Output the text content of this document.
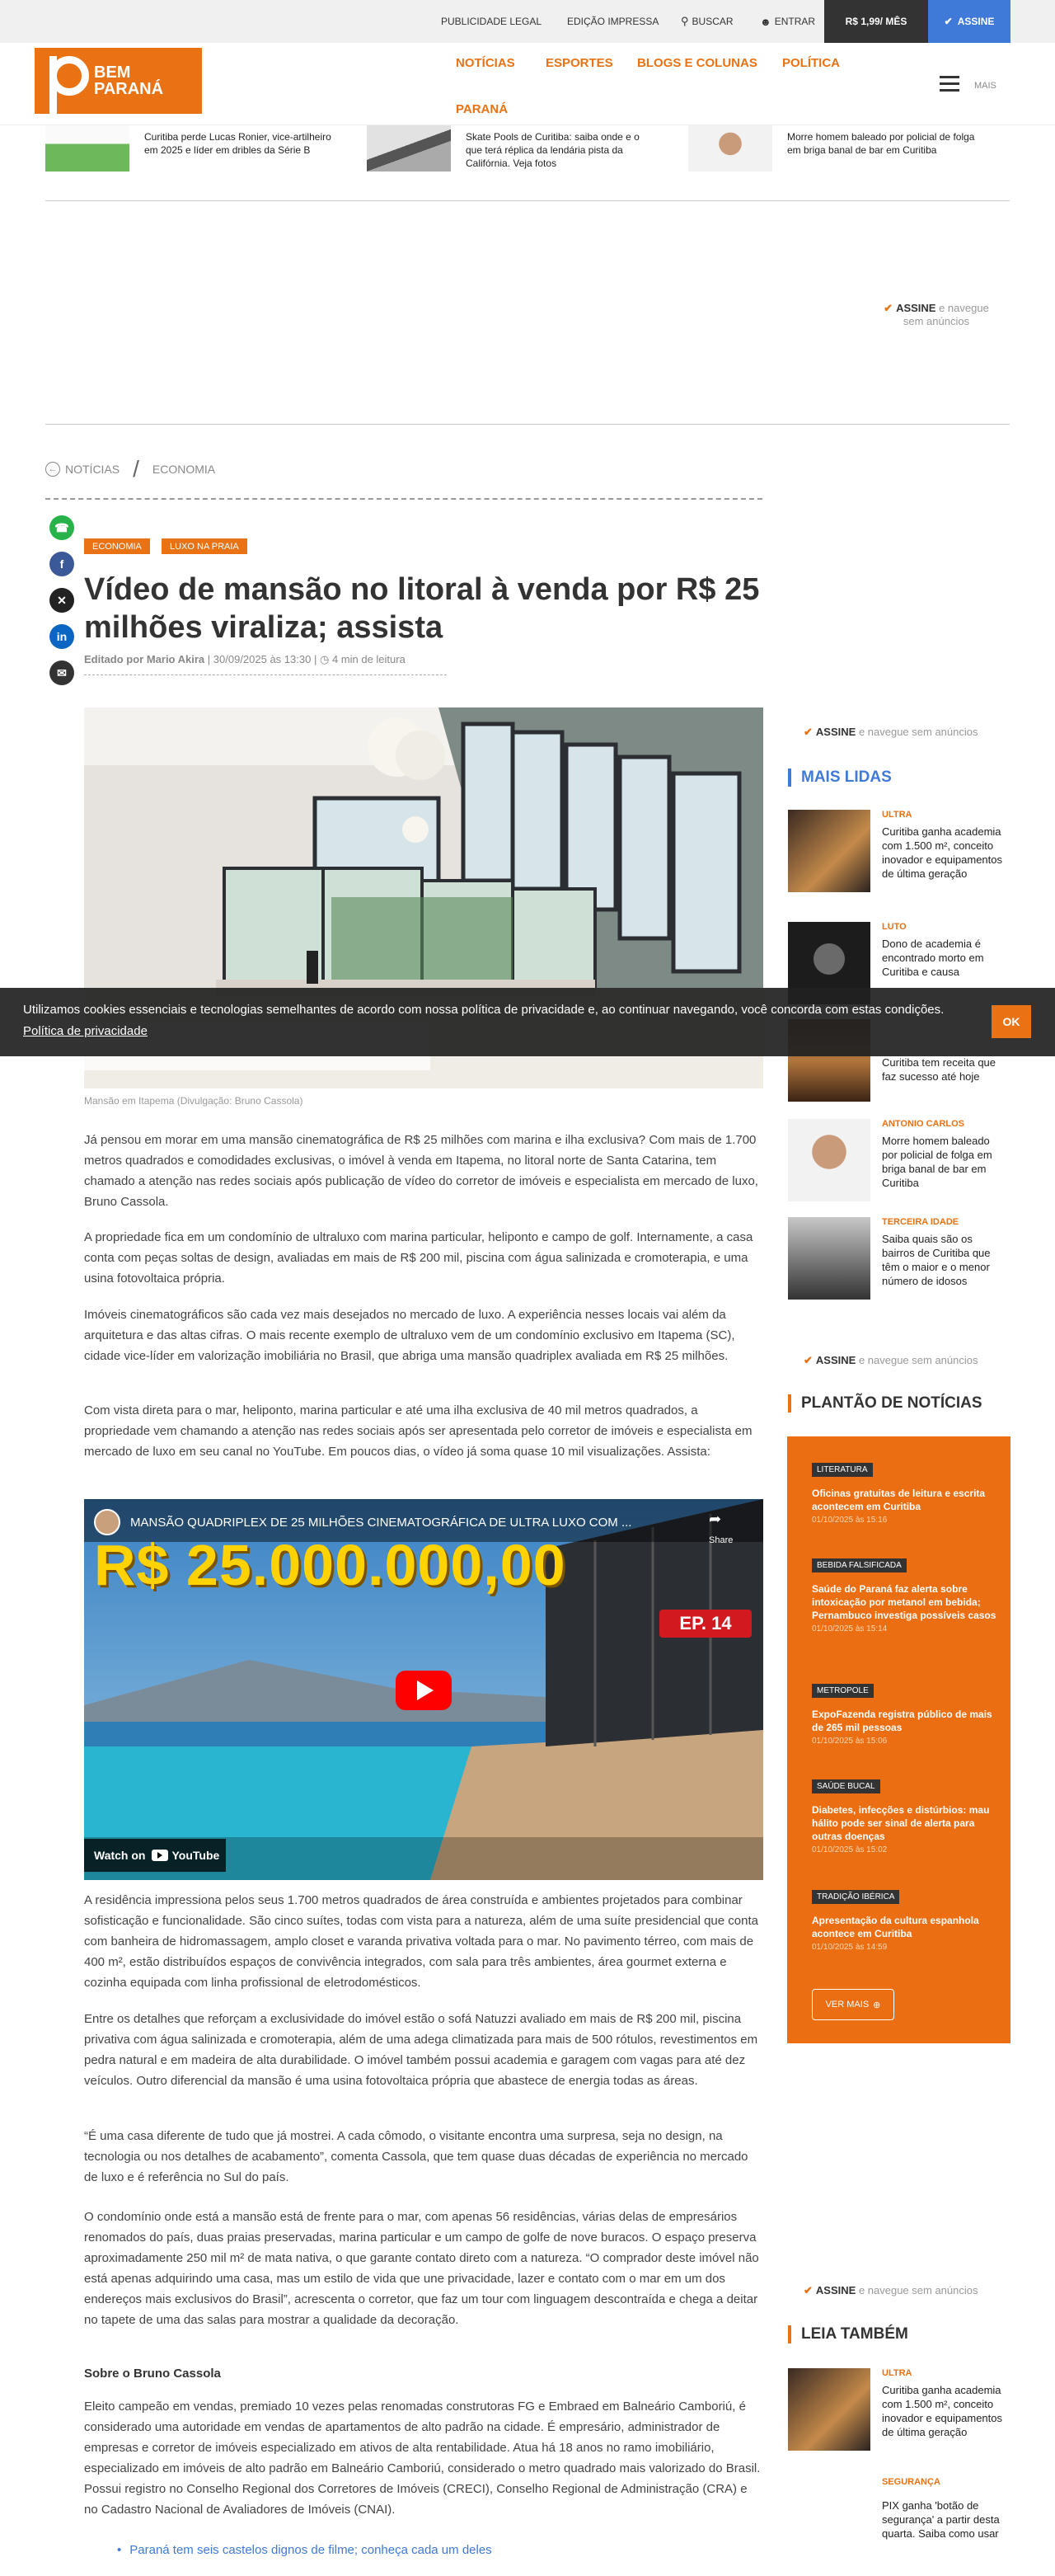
PUBLICIDADE LEGAL	EDIÇÃO IMPRESSA ⚲ BUSCAR ☻ ENTRAR	R$ 1,99/ MÊS	✔ ASSINE
BEM
PARANÁ
NOTÍCIAS ESPORTES BLOGS E COLUNAS POLÍTICA
PARANÁ
MAIS
Curitiba perde Lucas Ronier, vice-artilheiro em 2025 e líder em dribles da Série B
Skate Pools de Curitiba: saiba onde e o que terá réplica da lendária pista da Califórnia. Veja fotos
Morre homem baleado por policial de folga em briga banal de bar em Curitiba
✔ ASSINE e navegue
sem anúncios
← NOTÍCIAS / ECONOMIA
☎
f
✕
in
✉
ECONOMIA	LUXO NA PRAIA
Vídeo de mansão no litoral à venda por R$ 25 milhões viraliza; assista
Editado por Mario Akira | 30/09/2025 às 13:30 | ◷ 4 min de leitura
Mansão em Itapema (Divulgação: Bruno Cassola)

Já pensou em morar em uma mansão cinematográfica de R$ 25 milhões com marina e ilha exclusiva? Com mais de 1.700 metros quadrados e comodidades exclusivas, o imóvel à venda em Itapema, no litoral norte de Santa Catarina, tem chamado a atenção nas redes sociais após publicação de vídeo do corretor de imóveis e especialista em mercado de luxo, Bruno Cassola.

A propriedade fica em um condomínio de ultraluxo com marina particular, heliponto e campo de golf. Internamente, a casa conta com peças soltas de design, avaliadas em mais de R$ 200 mil, piscina com água salinizada e cromoterapia, e uma usina fotovoltaica própria.

Imóveis cinematográficos são cada vez mais desejados no mercado de luxo. A experiência nesses locais vai além da arquitetura e das altas cifras. O mais recente exemplo de ultraluxo vem de um condomínio exclusivo em Itapema (SC), cidade vice-líder em valorização imobiliária no Brasil, que abriga uma mansão quadriplex avaliada em R$ 25 milhões.

Com vista direta para o mar, heliponto, marina particular e até uma ilha exclusiva de 40 mil metros quadrados, a propriedade vem chamando a atenção nas redes sociais após ser apresentada pelo corretor de imóveis e especialista em mercado de luxo em seu canal no YouTube. Em poucos dias, o vídeo já soma quase 10 mil visualizações. Assista:

MANSÃO QUADRIPLEX DE 25 MILHÕES CINEMATOGRÁFICA DE ULTRA LUXO COM ...	➦
Share
R$ 25.000.000,00
EP. 14
Watch on YouTube

A residência impressiona pelos seus 1.700 metros quadrados de área construída e ambientes projetados para combinar sofisticação e funcionalidade. São cinco suítes, todas com vista para a natureza, além de uma suíte presidencial que conta com banheira de hidromassagem, amplo closet e varanda privativa voltada para o mar. No pavimento térreo, com mais de 400 m², estão distribuídos espaços de convivência integrados, com sala para três ambientes, área gourmet externa e cozinha equipada com linha profissional de eletrodomésticos.

Entre os detalhes que reforçam a exclusividade do imóvel estão o sofá Natuzzi avaliado em mais de R$ 200 mil, piscina privativa com água salinizada e cromoterapia, além de uma adega climatizada para mais de 500 rótulos, revestimentos em pedra natural e em madeira de alta durabilidade. O imóvel também possui academia e garagem com vagas para até dez veículos. Outro diferencial da mansão é uma usina fotovoltaica própria que abastece de energia todas as áreas.

“É uma casa diferente de tudo que já mostrei. A cada cômodo, o visitante encontra uma surpresa, seja no design, na tecnologia ou nos detalhes de acabamento”, comenta Cassola, que tem quase duas décadas de experiência no mercado de luxo e é referência no Sul do país.

O condomínio onde está a mansão está de frente para o mar, com apenas 56 residências, várias delas de empresários renomados do país, duas praias preservadas, marina particular e um campo de golfe de nove buracos. O espaço preserva aproximadamente 250 mil m² de mata nativa, o que garante contato direto com a natureza. “O comprador deste imóvel não está apenas adquirindo uma casa, mas um estilo de vida que une privacidade, lazer e contato com o mar em um dos endereços mais exclusivos do Brasil”, acrescenta o corretor, que faz um tour com linguagem descontraída e chega a deitar no tapete de uma das salas para mostrar a qualidade da decoração.

Sobre o Bruno Cassola

Eleito campeão em vendas, premiado 10 vezes pelas renomadas construtoras FG e Embraed em Balneário Camboriú, é considerado uma autoridade em vendas de apartamentos de alto padrão na cidade. É empresário, administrador de empresas e corretor de imóveis especializado em ativos de alta rentabilidade. Atua há 18 anos no ramo imobiliário, especializado em imóveis de alto padrão em Balneário Camboriú, considerado o metro quadrado mais valorizado do Brasil. Possui registro no Conselho Regional dos Corretores de Imóveis (CRECI), Conselho Regional de Administração (CRA) e no Cadastro Nacional de Avaliadores de Imóveis (CNAI).

• Paraná tem seis castelos dignos de filme; conheça cada um deles
✔ ASSINE e navegue sem anúncios
MAIS LIDAS
ULTRA
Curitiba ganha academia com 1.500 m², conceito inovador e equipamentos de última geração
LUTO
Dono de academia é encontrado morto em Curitiba e causa
Curitiba tem receita que faz sucesso até hoje
ANTONIO CARLOS
Morre homem baleado por policial de folga em briga banal de bar em Curitiba
TERCEIRA IDADE
Saiba quais são os bairros de Curitiba que têm o maior e o menor número de idosos
✔ ASSINE e navegue sem anúncios
PLANTÃO DE NOTÍCIAS
LITERATURA
Oficinas gratuitas de leitura e escrita acontecem em Curitiba
01/10/2025 às 15:16
BEBIDA FALSIFICADA
Saúde do Paraná faz alerta sobre intoxicação por metanol em bebida; Pernambuco investiga possíveis casos
01/10/2025 às 15:14
METROPOLE
ExpoFazenda registra público de mais de 265 mil pessoas
01/10/2025 às 15:06
SAÚDE BUCAL
Diabetes, infecções e distúrbios: mau hálito pode ser sinal de alerta para outras doenças
01/10/2025 às 15:02
TRADIÇÃO IBÉRICA
Apresentação da cultura espanhola acontece em Curitiba
01/10/2025 às 14:59
VER MAIS ⊕
✔ ASSINE e navegue sem anúncios
LEIA TAMBÉM
ULTRA
Curitiba ganha academia com 1.500 m², conceito inovador e equipamentos de última geração
SEGURANÇA
PIX ganha 'botão de segurança' a partir desta quarta. Saiba como usar
Utilizamos cookies essenciais e tecnologias semelhantes de acordo com nossa política de privacidade e, ao continuar navegando, você concorda com estas condições. Política de privacidade
OK
